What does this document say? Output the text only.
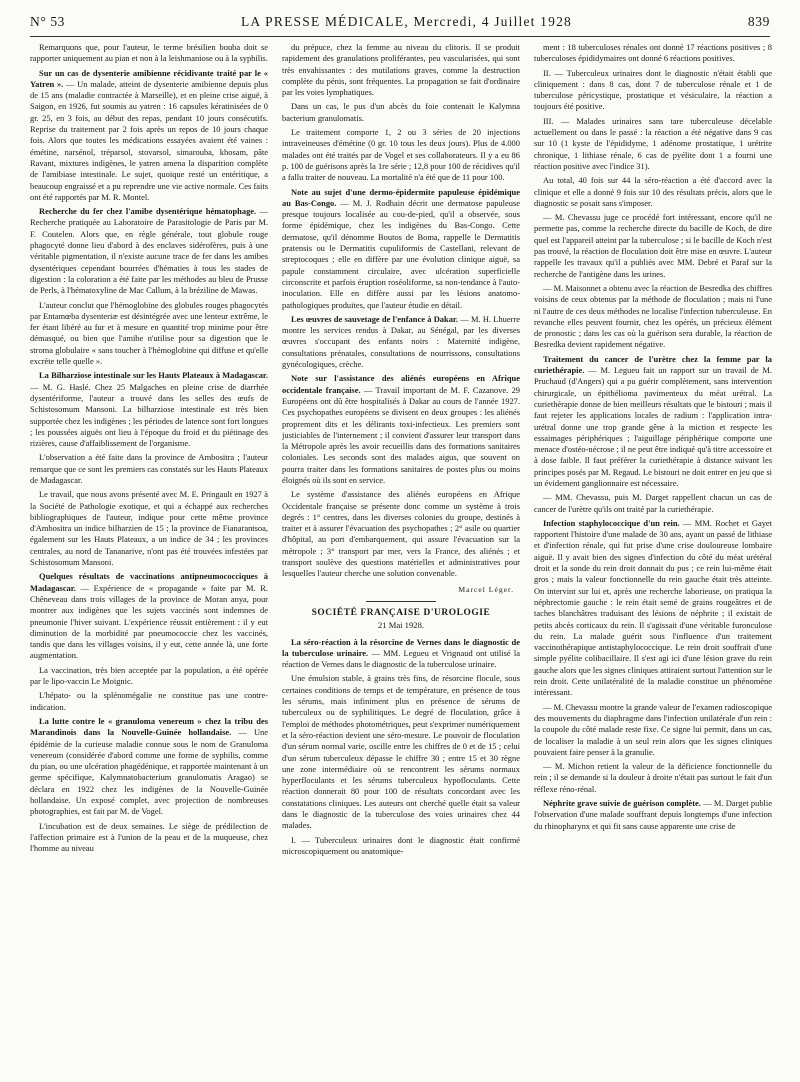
N° 53	LA PRESSE MÉDICALE, Mercredi, 4 Juillet 1928	839

Remarquons que, pour l'auteur, le terme brésilien bouba doit se rapporter uniquement au pian et non à la leishmaniose ou à la syphilis.

Sur un cas de dysenterie amibienne récidivante traité par le « Yatren ». — Un malade, atteint de dysenterie amibienne depuis plus de 15 ans (maladie contractée à Marseille), et en pleine crise aiguë, à Saigon, en 1926, fut soumis au yatren : 16 capsules kératinisées de 0 gr. 25, en 3 fois, au début des repas, pendant 10 jours consécutifs. Reprise du traitement par 2 fois après un repos de 10 jours chaque fois. Alors que toutes les médications essayées avaient été vaines : émétine, narsénol, tréparsol, stovarsol, simarouba, khosam, pâte Ravant, mixtures indigènes, le yatren amena la disparition complète de l'amibiase intestinale. Le sujet, quoique resté un entéritique, a beaucoup engraissé et a pu reprendre une vie active normale. Ces faits ont été rapportés par M. R. Montel.

Recherche du fer chez l'amibe dysentérique hématophage. — Recherche pratiquée au Laboratoire de Parasitologie de Paris par M. F. Coutelen. Alors que, en règle générale, tout globule rouge phagocyté donne lieu d'abord à des enclaves sidérofères, puis à une véritable pigmentation, il n'existe aucune trace de fer dans les amibes dysentériques cependant bourrées d'hématies à tous les stades de digestion : la coloration a été faite par les méthodes au bleu de Prusse de Perls, à l'hématoxyline de Mac Callum, à la bréziline de Mawas.

L'auteur conclut que l'hémoglobine des globules rouges phagocytés par Entamœba dysenteriæ est désintégrée avec une lenteur extrême, le fer étant libéré au fur et à mesure en quantité trop minime pour être démasqué, ou bien que l'amibe n'utilise pour sa digestion que le stroma globulaire « sans toucher à l'hémoglobine qui diffuse et qu'elle excrète telle quelle ».

La Bilharziose intestinale sur les Hauts Plateaux à Madagascar. — M. G. Haslé. Chez 25 Malgaches en pleine crise de diarrhée dysentériforme, l'auteur a trouvé dans les selles des œufs de Schistosomum Mansoni. La bilharziose intestinale est très bien supportée chez les indigènes ; les périodes de latence sont fort longues ; les poussées aiguës ont lieu à l'époque du froid et du piétinage des rizières, cause d'affaiblissement de l'organisme.

L'observation a été faite dans la province de Ambositra ; l'auteur remarque que ce sont les premiers cas constatés sur les Hauts Plateaux de Madagascar.

Le travail, que nous avons présenté avec M. E. Pringault en 1927 à la Société de Pathologie exotique, et qui a échappé aux recherches bibliographiques de l'auteur, indique pour cette même province d'Ambositra un indice bilharzien de 15 ; la province de Fianarantsoa, également sur les Hauts Plateaux, a un indice de 34 ; les provinces centrales, au nord de Tananarive, n'ont pas été trouvées infestées par Schistosomum Mansoni.

Quelques résultats de vaccinations antipneumococciques à Madagascar. — Expérience de « propagande » faite par M. R. Chêneveau dans trois villages de la province de Moran anya, pour montrer aux indigènes que les sujets vaccinés sont indemnes de pneumonie l'hiver suivant. L'expérience réussit entièrement : il y eut diminution de la morbidité par pneumococcie chez les vaccinés, tandis que dans les villages voisins, il y eut, cette année là, une forte augmentation.

La vaccination, très bien acceptée par la population, a été opérée par le lipo-vaccin Le Moignic.

L'hépato- ou la splénomégalie ne constitue pas une contre-indication.

La lutte contre le « granuloma venereum » chez la tribu des Marandinois dans la Nouvelle-Guinée hollandaise. — Une épidémie de la curieuse maladie connue sous le nom de Granuloma venereum (considérée d'abord comme une forme de syphilis, comme du pian, ou une ulcération phagédénique, et rapportée maintenant à un germe spécifique, Kalymnatobacterium granulomatis Aragao) se déclara en 1922 chez les indigènes de la Nouvelle-Guinée hollandaise. Un exposé complet, avec projection de nombreuses photographies, est fait par M. de Vogel.

L'incubation est de deux semaines. Le siège de prédilection de l'affection primaire est à l'union de la peau et de la muqueuse, chez l'homme au niveau

du prépuce, chez la femme au niveau du clitoris. Il se produit rapidement des granulations proliférantes, peu vascularisées, qui sont très envahissantes : des mutilations graves, comme la destruction complète du pénis, sont fréquentes. La propagation se fait d'ordinaire par les voies lymphatiques.

Dans un cas, le pus d'un abcès du foie contenait le Kalymna bacterium granulomatis.

Le traitement comporte 1, 2 ou 3 séries de 20 injections intraveineuses d'émétine (0 gr. 10 tous les deux jours). Plus de 4.000 malades ont été traités par de Vogel et ses collaborateurs. Il y a eu 86 p. 100 de guérisons après la 1re série ; 12,8 pour 100 de récidives qu'il a fallu traiter de nouveau. La mortalité n'a été que de 11 pour 100.

Note au sujet d'une dermo-épidermite papuleuse épidémique au Bas-Congo. — M. J. Rodhain décrit une dermatose papuleuse presque toujours localisée au cou-de-pied, qu'il a observée, sous forme épidémique, chez les indigènes du Bas-Congo. Cette dermatose, qu'il dénomme Boutos de Boma, rappelle le Dermatitis pratensis ou le Dermatitis cupuliformis de Castellani, relevant de streptocoques ; elle en diffère par une évolution clinique aiguë, sa papule constamment circulaire, avec ulcération superficielle circonscrite et parfois éruption roséoliforme, sa non-tendance à l'auto-inoculation. Elle en diffère aussi par les lésions anatomo-pathologiques produites, que l'auteur étudie en détail.

Les œuvres de sauvetage de l'enfance à Dakar. — M. H. Lhuerre montre les services rendus à Dakar, au Sénégal, par les diverses œuvres s'occupant des enfants noirs : Maternité indigène, consultations prénatales, consultations de nourrissons, consultations gynécologiques, crèche.

Note sur l'assistance des aliénés européens en Afrique occidentale française. — Travail important de M. F. Cazanove. 29 Européens ont dû être hospitalisés à Dakar au cours de l'année 1927. Ces psychopathes européens se divisent en deux groupes : les aliénés proprement dits et les délirants toxi-infectieux. Les premiers sont justiciables de l'internement ; il convient d'assurer leur transport dans la Métropole après les avoir recueillis dans des formations sanitaires coloniales. Les seconds sont des malades aigus, que souvent on pourra traiter dans les formations sanitaires de postes plus ou moins éloignés où ils sont en service.

Le système d'assistance des aliénés européens en Afrique Occidentale française se présente donc comme un système à trois degrés : 1° centres, dans les diverses colonies du groupe, destinés à traiter et à assurer l'évacuation des psychopathes ; 2° asile ou quartier d'hôpital, au port d'embarquement, qui assure l'évacuation sur la métropole ; 3° transport par mer, vers la France, des aliénés ; et transport soulève des questions matérielles et administratives pour lesquelles l'auteur cherche une solution convenable.

Marcel Léger.
SOCIÉTÉ FRANÇAISE D'UROLOGIE
21 Mai 1928.

La séro-réaction à la résorcine de Vernes dans le diagnostic de la tuberculose urinaire. — MM. Legueu et Vrignaud ont utilisé la réaction de Vernes dans le diagnostic de la tuberculose urinaire.

Une émulsion stable, à grains très fins, de résorcine flocule, sous certaines conditions de temps et de température, en présence de tous les sérums, mais infiniment plus en présence de sérums de tuberculeux ou de syphilitiques. Le degré de floculation, grâce à l'emploi de méthodes photométriques, peut s'exprimer numériquement et la séro-réaction devient une séro-mesure. Le pouvoir de floculation d'un sérum normal varie, oscille entre les chiffres de 0 et de 15 ; celui d'un sérum tuberculeux dépasse le chiffre 30 ; entre 15 et 30 règne une zone intermédiaire où se rencontrent les sérums normaux hyperfloculants et les sérums tuberculeux hypofloculants. Cette réaction donnerait 80 pour 100 de résultats concordant avec les constatations cliniques. Les auteurs ont cherché quelle était sa valeur dans le diagnostic de la tuberculose des voies urinaires chez 44 malades.

I. — Tuberculeux urinaires dont le diagnostic était confirmé microscopiquement ou anatomique-

ment : 18 tuberculoses rénales ont donné 17 réactions positives ; 8 tuberculoses épididymaires ont donné 6 réactions positives.

II. — Tuberculeux urinaires dont le diagnostic n'était établi que cliniquement : dans 8 cas, dont 7 de tuberculose rénale et 1 de tuberculose péricystique, prostatique et vésiculaire, la réaction a toujours été positive.

III. — Malades urinaires sans tare tuberculeuse décelable actuellement ou dans le passé : la réaction a été négative dans 9 cas sur 10 (1 kyste de l'épididyme, 1 adénome prostatique, 1 urétrite chronique, 1 lithiase rénale, 6 cas de pyélite dont 1 a fourni une réaction positive avec l'indice 31).

Au total, 40 fois sur 44 la séro-réaction a été d'accord avec la clinique et elle a donné 9 fois sur 10 des résultats précis, alors que le diagnostic se posait sans s'imposer.

— M. Chevassu juge ce procédé fort intéressant, encore qu'il ne permette pas, comme la recherche directe du bacille de Koch, de dire quel est l'appareil atteint par la tuberculose ; si le bacille de Koch n'est pas trouvé, la réaction de floculation doit être mise en œuvre. L'auteur rappelle les travaux qu'il a publiés avec MM. Debré et Paraf sur la recherche de l'antigène dans les urines.

— M. Maisonnet a obtenu avec la réaction de Besredka des chiffres voisins de ceux obtenus par la méthode de floculation ; mais ni l'une ni l'autre de ces deux méthodes ne localise l'infection tuberculeuse. En revanche elles peuvent fournir, chez les opérés, un précieux élément de pronostic ; dans les cas où la guérison sera durable, la réaction de Besredka devient rapidement négative.

Traitement du cancer de l'urètre chez la femme par la curiethérapie. — M. Legueu fait un rapport sur un travail de M. Pruchaud (d'Angers) qui a pu guérir complètement, sans intervention chirurgicale, un épithélioma pavimenteux du méat urétral. La curiethérapie donne de bien meilleurs résultats que le bistouri ; mais il faut rejeter les applications locales de radium : l'application intra-urétral donne une trop grande gêne à la miction et respecte les essaimages périphériques ; l'aiguillage périphérique comporte une menace d'ostéo-nécrose ; il ne peut être indiqué qu'à titre accessoire et à dose faible. Il faut préférer la curiethérapie à distance suivant les principes posés par M. Regaud. Le bistouri ne doit entrer en jeu que si un évidement ganglionnaire est nécessaire.

— MM. Chevassu, puis M. Darget rappellent chacun un cas de cancer de l'urètre qu'ils ont traité par la curiethérapie.

Infection staphylococcique d'un rein. — MM. Rochet et Gayet rapportent l'histoire d'une malade de 30 ans, ayant un passé de lithiase et d'infection rénale, qui fut prise d'une crise douloureuse lombaire aiguë. Il y avait bien des signes d'infection du côté du méat urétéral droit et la sonde du rein droit donnait du pus ; ce rein lui-même était gros ; mais la valeur fonctionnelle du rein gauche était très atteinte. On intervint sur lui et, après une recherche laborieuse, on pratiqua la néphrectomie gauche : le rein était semé de grains rougeâtres et de taches blanchâtres traduisant des lésions de néphrite ; il existait de petits abcès corticaux du rein. Il s'agissait d'une véritable furonculose du rein. La malade guérit sous l'influence d'un traitement vaccinothérapique antistaphylococcique. Le rein droit souffrait d'une simple pyélite colibacillaire. Il s'est agi ici d'une lésion grave du rein gauche alors que les signes cliniques attiraient surtout l'attention sur le rein droit. Cette unilatéralité de la maladie constitue un phénomène intéressant.

— M. Chevassu montre la grande valeur de l'examen radioscopique des mouvements du diaphragme dans l'infection unilatérale d'un rein : la coupole du côté malade reste fixe. Ce signe lui permit, dans un cas, de localiser la maladie à un seul rein alors que les signes cliniques pouvaient faire penser à la granulie.

— M. Michon retient la valeur de la déficience fonctionnelle du rein ; il se demande si la douleur à droite n'était pas surtout le fait d'un réflexe réno-rénal.

Néphrite grave suivie de guérison complète. — M. Darget publie l'observation d'une malade souffrant depuis longtemps d'une infection du rhinopharynx et qui fit sans cause apparente une crise de
